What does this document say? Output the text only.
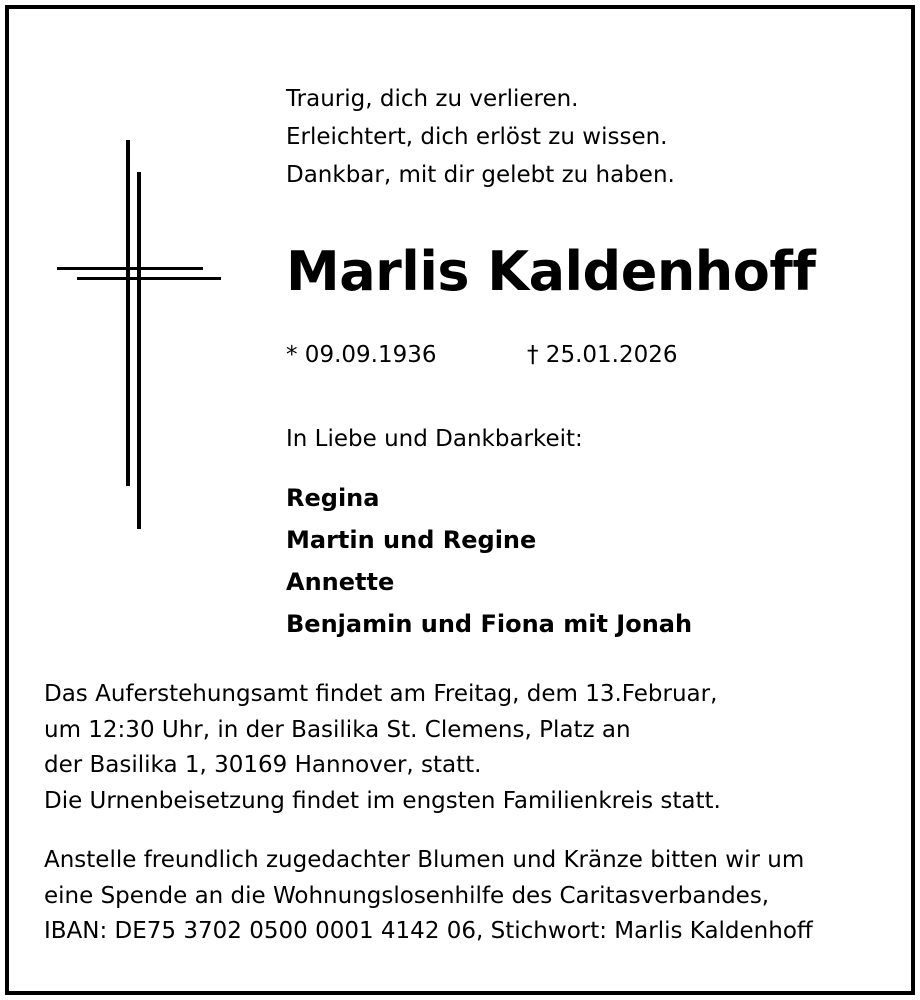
Traurig, dich zu verlieren.
Erleichtert, dich erlöst zu wissen.
Dankbar, mit dir gelebt zu haben.
Marlis Kaldenhoff
* 09.09.1936	† 25.01.2026
In Liebe und Dankbarkeit:
Regina
Martin und Regine
Annette
Benjamin und Fiona mit Jonah
Das Auferstehungsamt findet am Freitag, dem 13.Februar,
um 12:30 Uhr, in der Basilika St. Clemens, Platz an
der Basilika 1, 30169 Hannover, statt.
Die Urnenbeisetzung findet im engsten Familienkreis statt.
Anstelle freundlich zugedachter Blumen und Kränze bitten wir um
eine Spende an die Wohnungslosenhilfe des Caritasverbandes,
IBAN: DE75 3702 0500 0001 4142 06, Stichwort: Marlis Kaldenhoff
